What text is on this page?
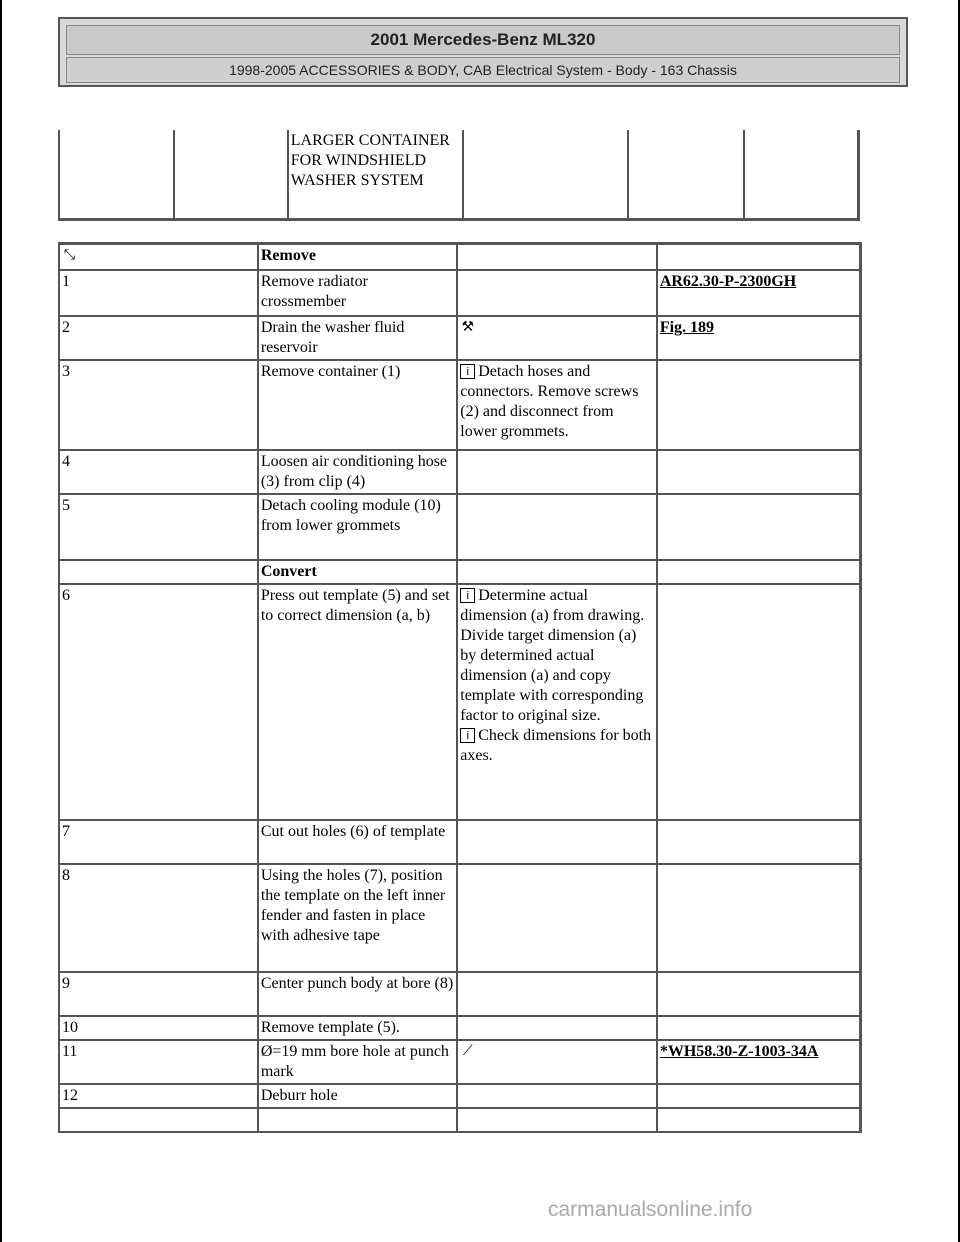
2001 Mercedes-Benz ML320
1998-2005 ACCESSORIES & BODY, CAB Electrical System - Body - 163 Chassis
		LARGER CONTAINER FOR WINDSHIELD WASHER SYSTEM			
⤡	Remove		
1	Remove radiator crossmember		AR62.30-P-2300GH
2	Drain the washer fluid reservoir	⚒	Fig. 189
3	Remove container (1)	i Detach hoses and connectors. Remove screws (2) and disconnect from lower grommets.	
4	Loosen air conditioning hose (3) from clip (4)		
5	Detach cooling module (10) from lower grommets		
	Convert		
6	Press out template (5) and set to correct dimension (a, b)	i Determine actual dimension (a) from drawing. Divide target dimension (a) by determined actual dimension (a) and copy template with corresponding factor to original size.
i Check dimensions for both axes.	

7	Cut out holes (6) of template		
8	Using the holes (7), position the template on the left inner fender and fasten in place with adhesive tape		
9	Center punch body at bore (8)		
10	Remove template (5).		
11	Ø=19 mm bore hole at punch mark	⟋	*WH58.30-Z-1003-34A
12	Deburr hole		

carmanualsonline.info
